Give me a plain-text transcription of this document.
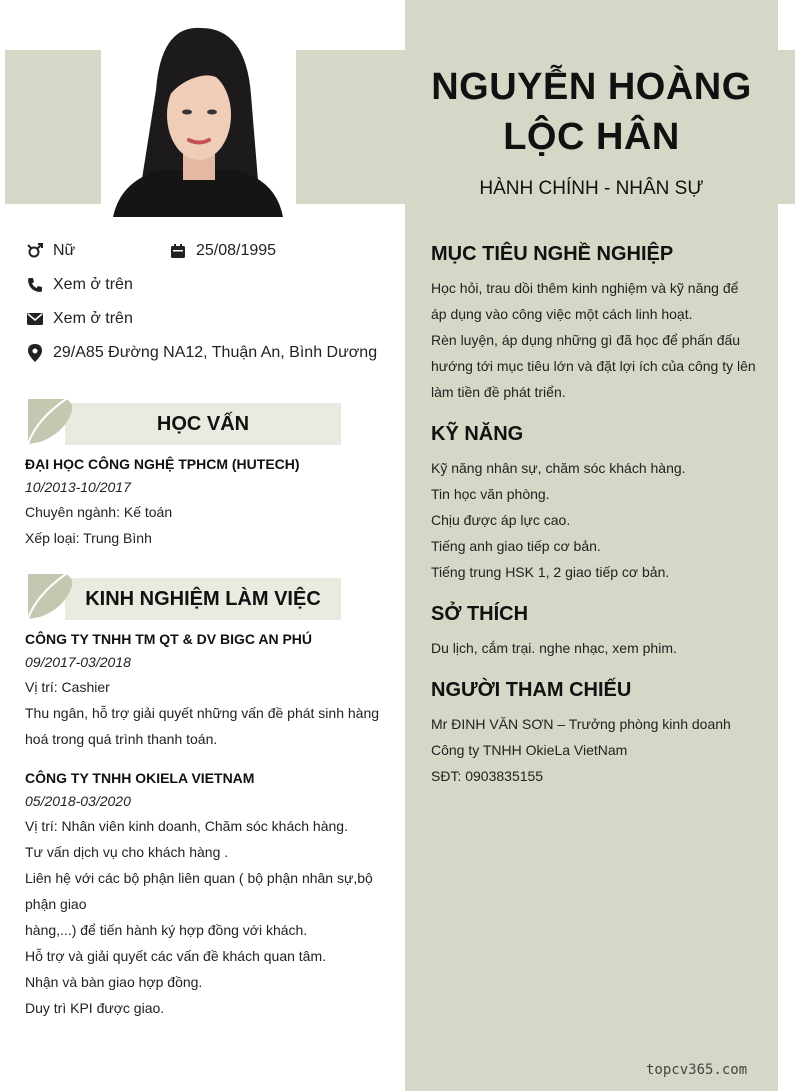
NGUYỄN HOÀNG
LỘC HÂN
HÀNH CHÍNH - NHÂN SỰ
Nữ	25/08/1995
Xem ở trên
Xem ở trên
29/A85 Đường NA12, Thuận An, Bình Dương
HỌC VẤN
ĐẠI HỌC CÔNG NGHỆ TPHCM (HUTECH)
10/2013-10/2017
Chuyên ngành: Kế toán
Xếp loại: Trung Bình
KINH NGHIỆM LÀM VIỆC
CÔNG TY TNHH TM QT & DV BIGC AN PHÚ
09/2017-03/2018
Vị trí: Cashier
Thu ngân, hỗ trợ giải quyết những vấn đề phát sinh hàng
hoá trong quá trình thanh toán.
CÔNG TY TNHH OKIELA VIETNAM
05/2018-03/2020
Vị trí: Nhân viên kinh doanh, Chăm sóc khách hàng.
Tư vấn dịch vụ cho khách hàng .
Liên hệ với các bộ phận liên quan ( bộ phận nhân sự,bộ
phận giao
hàng,...) để tiến hành ký hợp đồng với khách.
Hỗ trợ và giải quyết các vấn đề khách quan tâm.
Nhận và bàn giao hợp đồng.
Duy trì KPI được giao.
MỤC TIÊU NGHỀ NGHIỆP
Học hỏi, trau dồi thêm kinh nghiệm và kỹ năng để
áp dụng vào công việc một cách linh hoạt.
Rèn luyện, áp dụng những gì đã học để phấn đấu
hướng tới mục tiêu lớn và đặt lợi ích của công ty lên
làm tiền đề phát triển.
KỸ NĂNG
Kỹ năng nhân sự, chăm sóc khách hàng.
Tin học văn phòng.
Chịu được áp lực cao.
Tiếng anh giao tiếp cơ bản.
Tiếng trung HSK 1, 2 giao tiếp cơ bản.
SỞ THÍCH
Du lịch, cắm trại. nghe nhạc, xem phim.
NGƯỜI THAM CHIẾU
Mr ĐINH VĂN SƠN – Trưởng phòng kinh doanh
Công ty TNHH OkieLa VietNam
SĐT: 0903835155
topcv365.com
